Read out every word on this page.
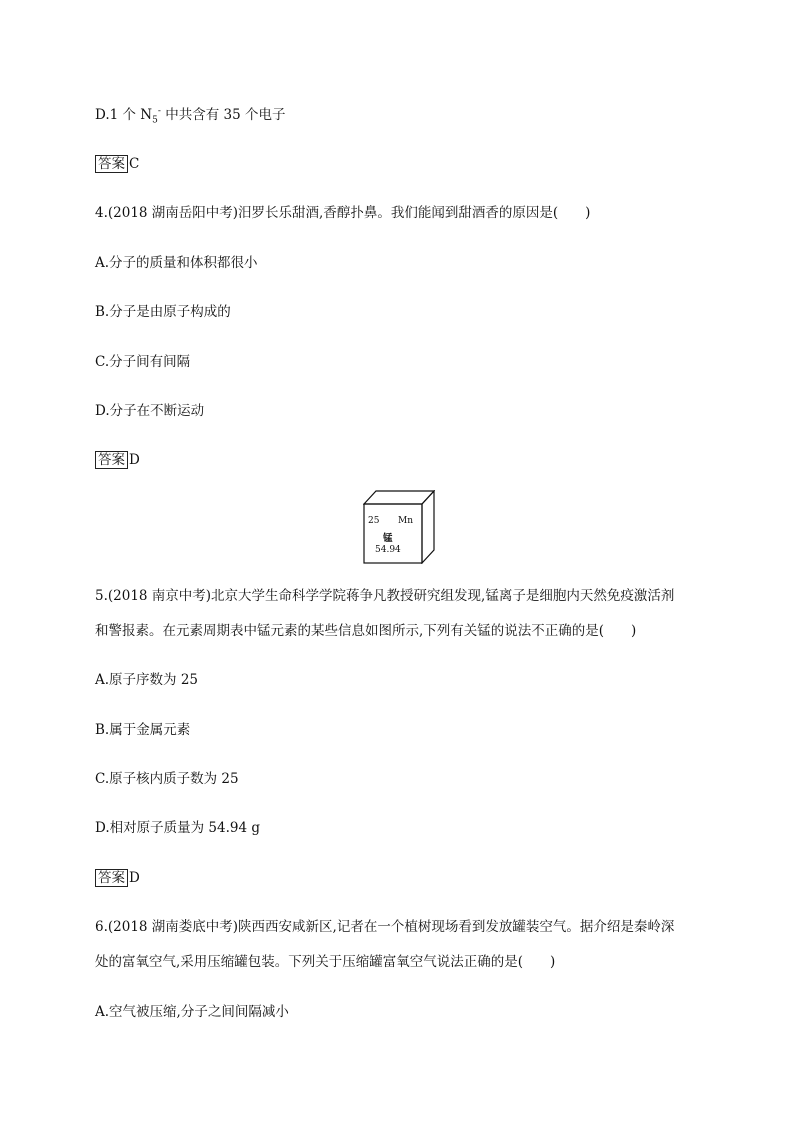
D.1 个 $N_5^-$ 中共含有 35 个电子
答案 C
4.(2018 湖南岳阳中考)汨罗长乐甜酒,香醇扑鼻。我们能闻到甜酒香的原因是(　　)
A.分子的质量和体积都很小
B.分子是由原子构成的
C.分子间有间隔
D.分子在不断运动
答案 D
25 Mn
锰
54.94
5.(2018 南京中考)北京大学生命科学学院蒋争凡教授研究组发现,锰离子是细胞内天然免疫激活剂
和警报素。在元素周期表中锰元素的某些信息如图所示,下列有关锰的说法不正确的是(　　)
A.原子序数为 25
B.属于金属元素
C.原子核内质子数为 25
D.相对原子质量为 54.94 g
答案 D
6.(2018 湖南娄底中考)陕西西安咸新区,记者在一个植树现场看到发放罐装空气。据介绍是秦岭深
处的富氧空气,采用压缩罐包装。下列关于压缩罐富氧空气说法正确的是(　　)
A.空气被压缩,分子之间间隔减小
